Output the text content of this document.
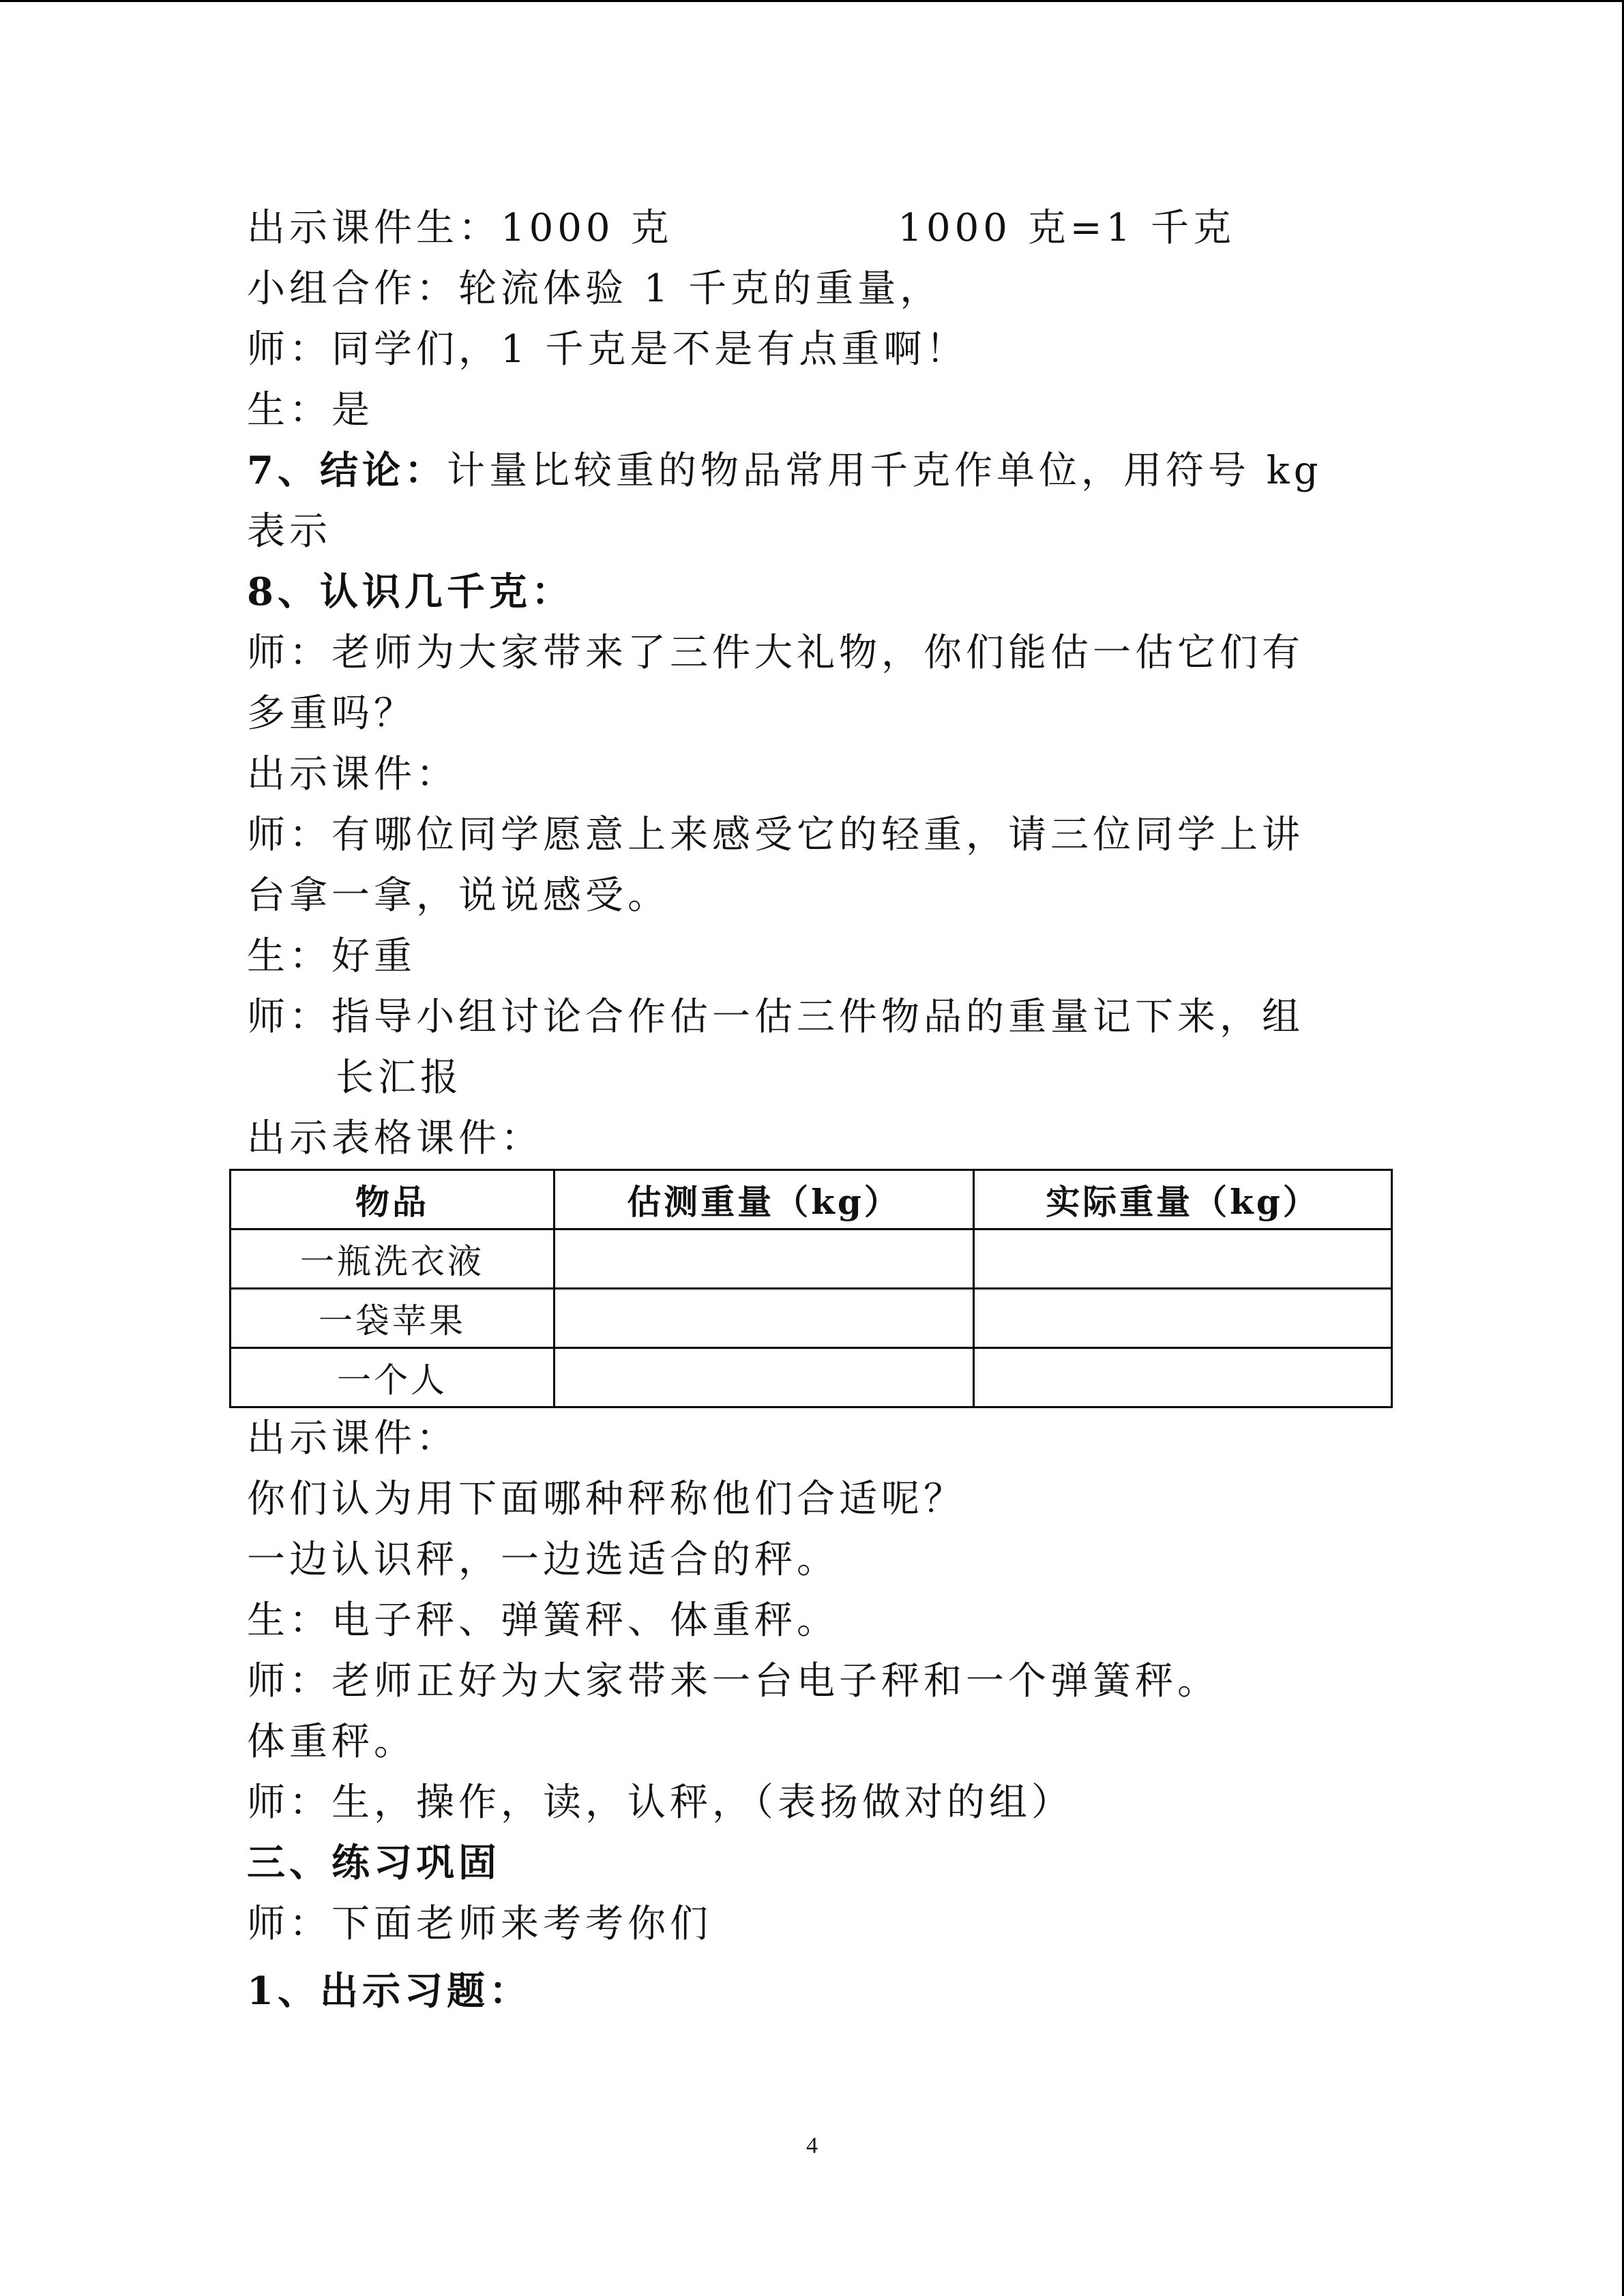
出示课件生：1000 克	1000 克=1 千克
小组合作：轮流体验 1 千克的重量，
师：同学们，1 千克是不是有点重啊！
生：是
7、结论：计量比较重的物品常用千克作单位，用符号 kg
表示
8、认识几千克：
师：老师为大家带来了三件大礼物，你们能估一估它们有
多重吗？
出示课件：
师：有哪位同学愿意上来感受它的轻重，请三位同学上讲
台拿一拿，说说感受。
生：好重
师：指导小组讨论合作估一估三件物品的重量记下来，组
长汇报
出示表格课件：
物品	估测重量（kg）	实际重量（kg）
一瓶洗衣液		
一袋苹果		
一个人		
出示课件：
你们认为用下面哪种秤称他们合适呢？
一边认识秤，一边选适合的秤。
生：电子秤、弹簧秤、体重秤。
师：老师正好为大家带来一台电子秤和一个弹簧秤。
体重秤。
师：生，操作，读，认秤，（表扬做对的组）
三、练习巩固
师：下面老师来考考你们
1、出示习题：
4
